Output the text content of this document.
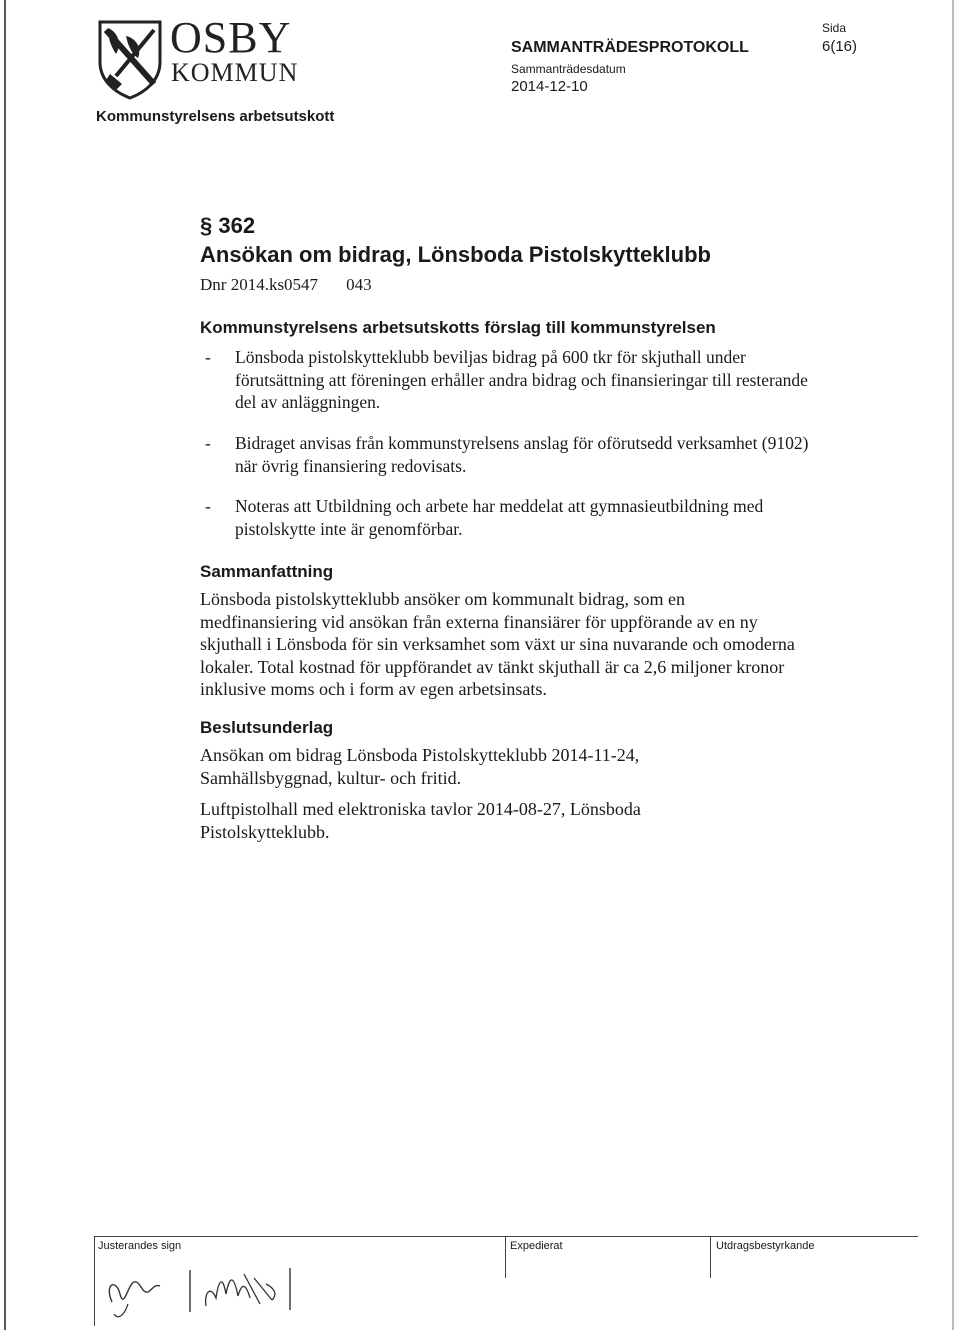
OSBY
KOMMUN
SAMMANTRÄDESPROTOKOLL
Sammanträdesdatum
2014-12-10
Sida
6(16)
Kommunstyrelsens arbetsutskott
§ 362
Ansökan om bidrag, Lönsboda Pistolskytteklubb
Dnr 2014.ks0547 043
Kommunstyrelsens arbetsutskotts förslag till kommunstyrelsen
- Lönsboda pistolskytteklubb beviljas bidrag på 600 tkr för skjuthall under förutsättning att föreningen erhåller andra bidrag och finansieringar till resterande del av anläggningen.
- Bidraget anvisas från kommunstyrelsens anslag för oförutsedd verksamhet (9102) när övrig finansiering redovisats.
- Noteras att Utbildning och arbete har meddelat att gymnasieutbildning med pistolskytte inte är genomförbar.
Sammanfattning
Lönsboda pistolskytteklubb ansöker om kommunalt bidrag, som en medfinansiering vid ansökan från externa finansiärer för uppförande av en ny skjuthall i Lönsboda för sin verksamhet som växt ur sina nuvarande och omoderna lokaler. Total kostnad för uppförandet av tänkt skjuthall är ca 2,6 miljoner kronor inklusive moms och i form av egen arbetsinsats.
Beslutsunderlag
Ansökan om bidrag Lönsboda Pistolskytteklubb 2014-11-24, Samhällsbyggnad, kultur- och fritid.
Luftpistolhall med elektroniska tavlor 2014-08-27, Lönsboda Pistolskytteklubb.
Justerandes sign	Expedierat	Utdragsbestyrkande
